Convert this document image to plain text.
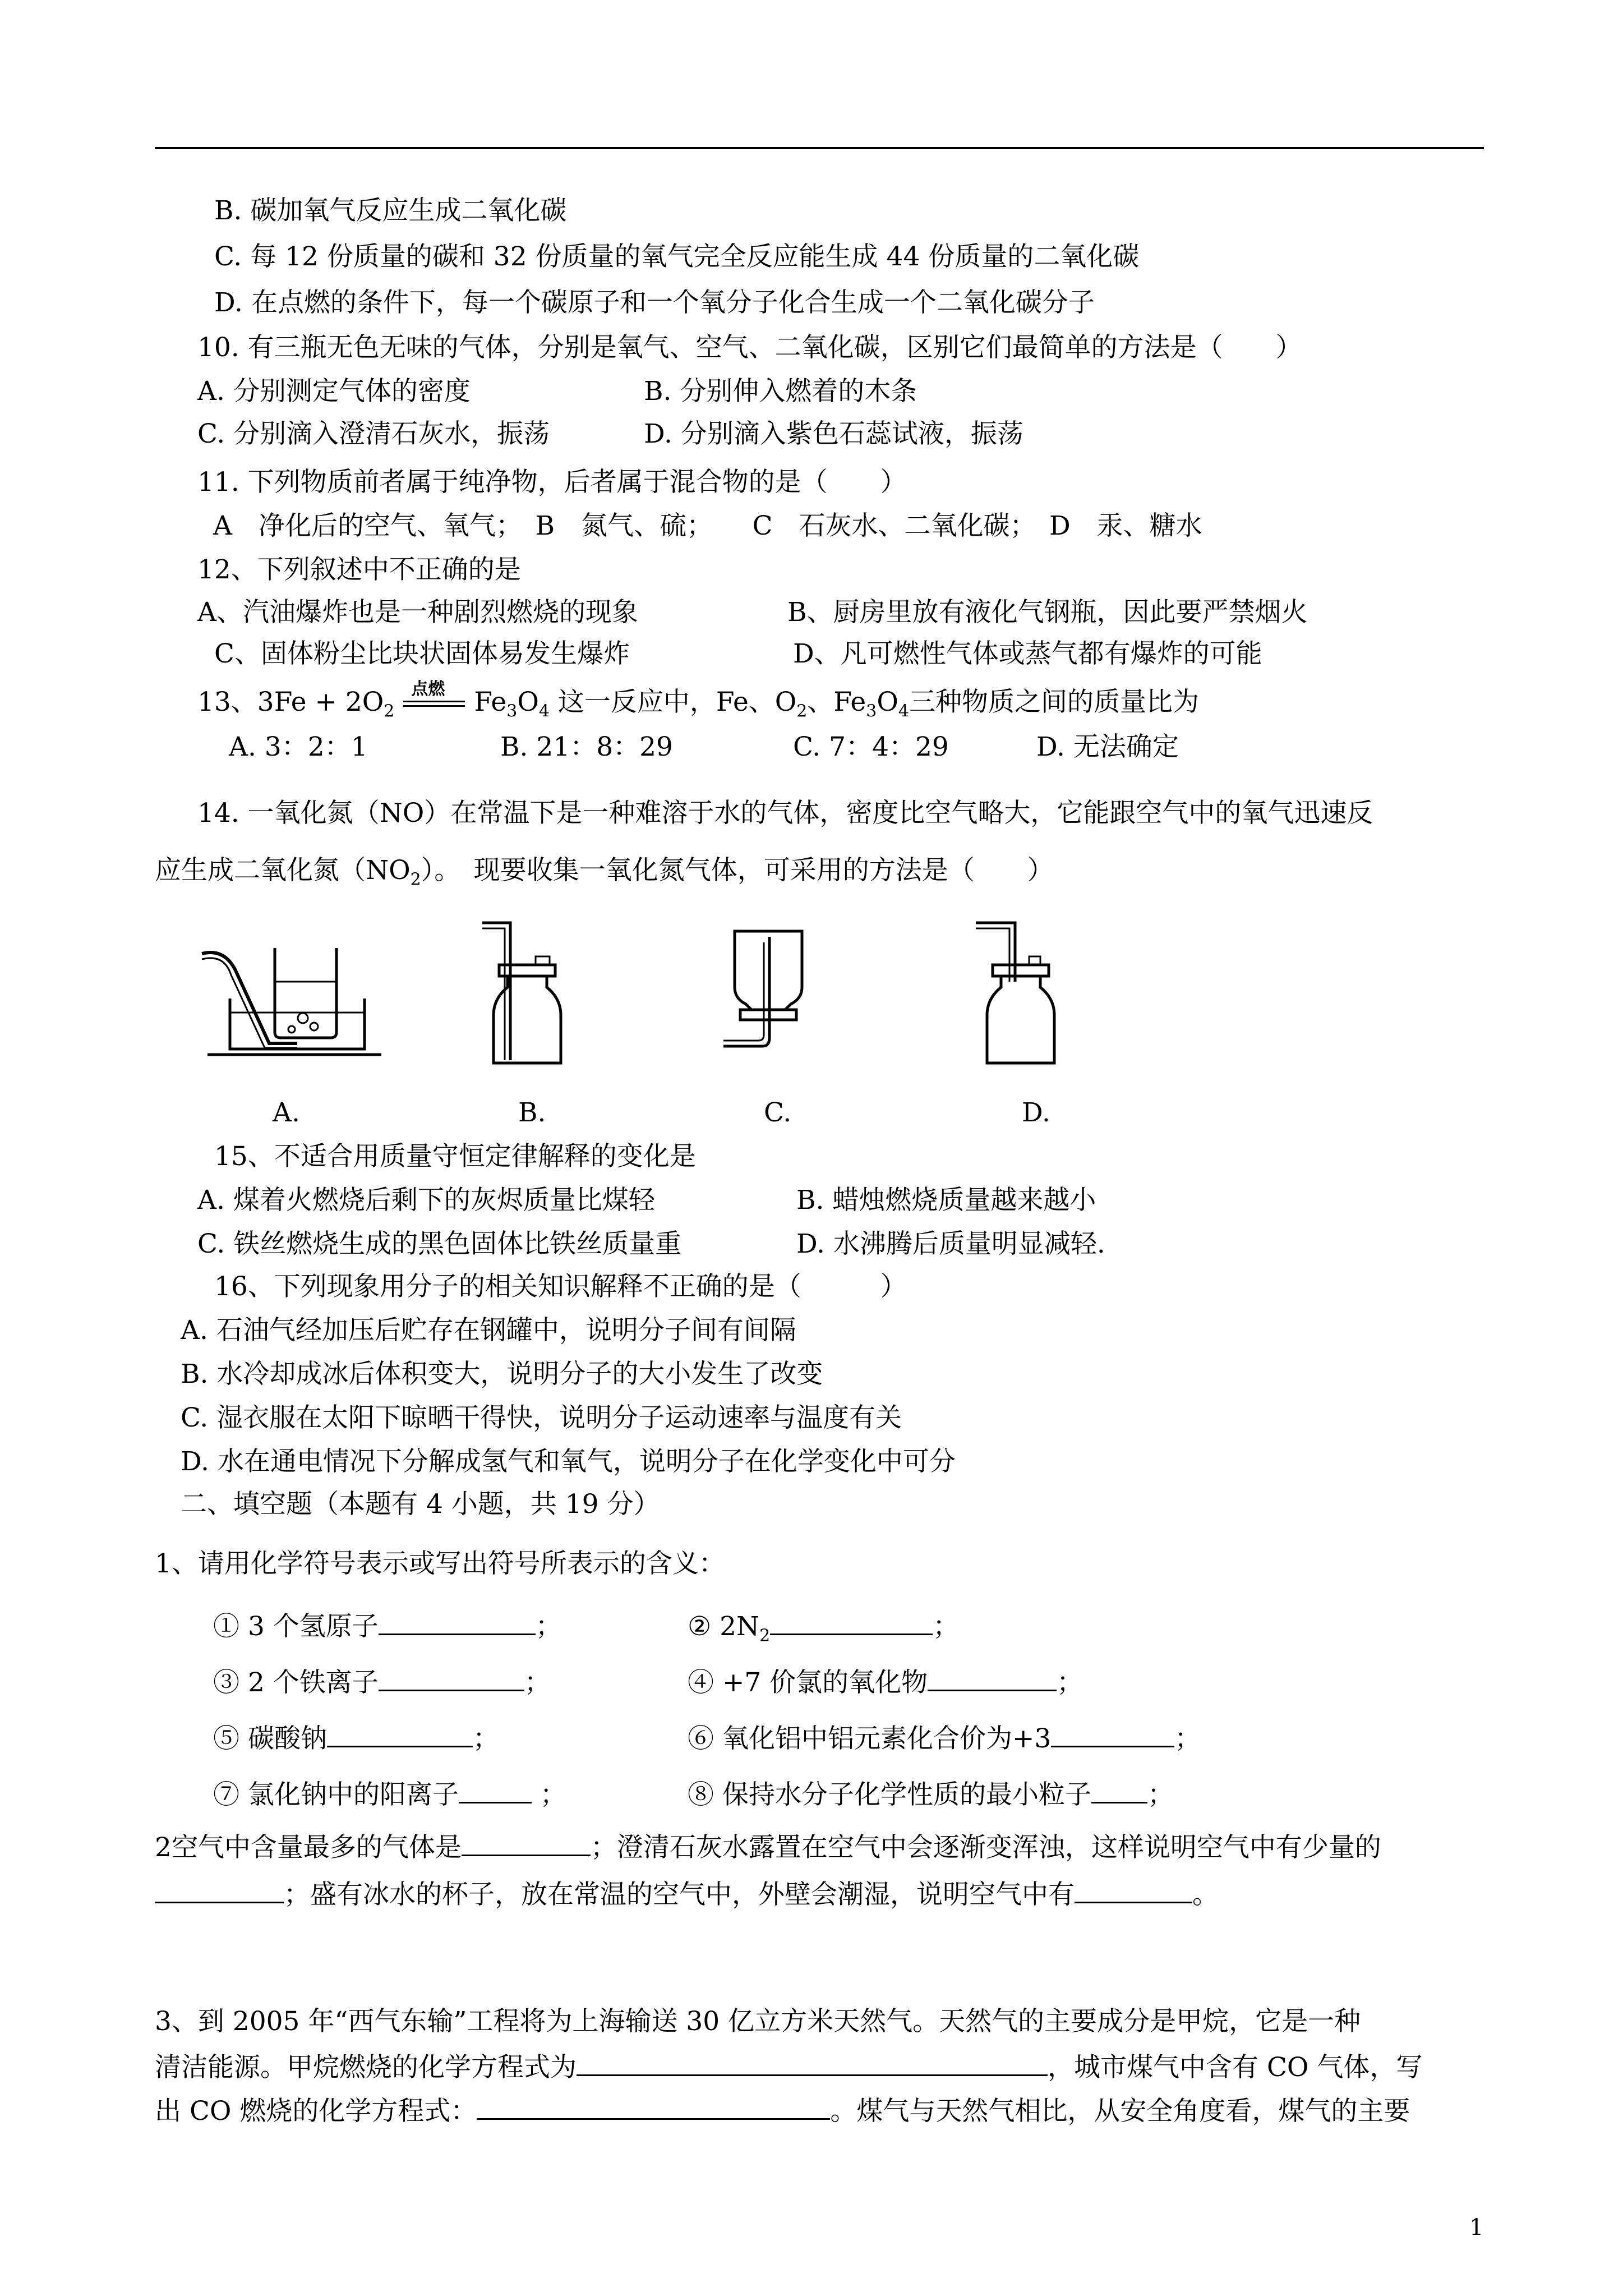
B. 碳加氧气反应生成二氧化碳
C. 每 12 份质量的碳和 32 份质量的氧气完全反应能生成 44 份质量的二氧化碳
D. 在点燃的条件下，每一个碳原子和一个氧分子化合生成一个二氧化碳分子
10. 有三瓶无色无味的气体，分别是氧气、空气、二氧化碳，区别它们最简单的方法是（　　）
A. 分别测定气体的密度	B. 分别伸入燃着的木条
C. 分别滴入澄清石灰水，振荡	D. 分别滴入紫色石蕊试液，振荡
11. 下列物质前者属于纯净物，后者属于混合物的是（　　）
A　净化后的空气、氧气；　B　氮气、硫；　　C　石灰水、二氧化碳；　D　汞、糖水
12、下列叙述中不正确的是
A、汽油爆炸也是一种剧烈燃烧的现象	B、厨房里放有液化气钢瓶，因此要严禁烟火
C、固体粉尘比块状固体易发生爆炸	D、凡可燃性气体或蒸气都有爆炸的可能
13、$3Fe + 2O_2$
点燃 $Fe_3O_4$ 这一反应中，Fe、$O_2$、$Fe_3O_4$三种物质之间的质量比为
A. 3：2：1	B. 21：8：29	C. 7：4：29	D. 无法确定
14. 一氧化氮（NO）在常温下是一种难溶于水的气体，密度比空气略大，它能跟空气中的氧气迅速反
应生成二氧化氮$(NO_2)$。　现要收集一氧化氮气体，可采用的方法是（　　）
A.	B.	C.	D.
15、不适合用质量守恒定律解释的变化是
A. 煤着火燃烧后剩下的灰烬质量比煤轻	B. 蜡烛燃烧质量越来越小
C. 铁丝燃烧生成的黑色固体比铁丝质量重	D. 水沸腾后质量明显减轻.
16、下列现象用分子的相关知识解释不正确的是（　　　）
A. 石油气经加压后贮存在钢罐中，说明分子间有间隔
B. 水冷却成冰后体积变大，说明分子的大小发生了改变
C. 湿衣服在太阳下晾晒干得快，说明分子运动速率与温度有关
D. 水在通电情况下分解成氢气和氧气，说明分子在化学变化中可分
二、填空题（本题有 4 小题，共 19 分）
1、请用化学符号表示或写出符号所表示的含义：
① 3 个氢原子	；	② $2N_2$	；
③ 2 个铁离子	；	④ +7 价氯的氧化物	；
⑤ 碳酸钠	；	⑥ 氧化铝中铝元素化合价为+3	；
⑦ 氯化钠中的阳离子	；	⑧ 保持水分子化学性质的最小粒子 ；
2空气中含量最多的气体是	；澄清石灰水露置在空气中会逐渐变浑浊，这样说明空气中有少量的
；盛有冰水的杯子，放在常温的空气中，外壁会潮湿，说明空气中有	。
3、到 2005 年“西气东输”工程将为上海输送 30 亿立方米天然气。天然气的主要成分是甲烷，它是一种
清洁能源。甲烷燃烧的化学方程式为	，城市煤气中含有 CO 气体，写
出 CO 燃烧的化学方程式：	。煤气与天然气相比，从安全角度看，煤气的主要
1
